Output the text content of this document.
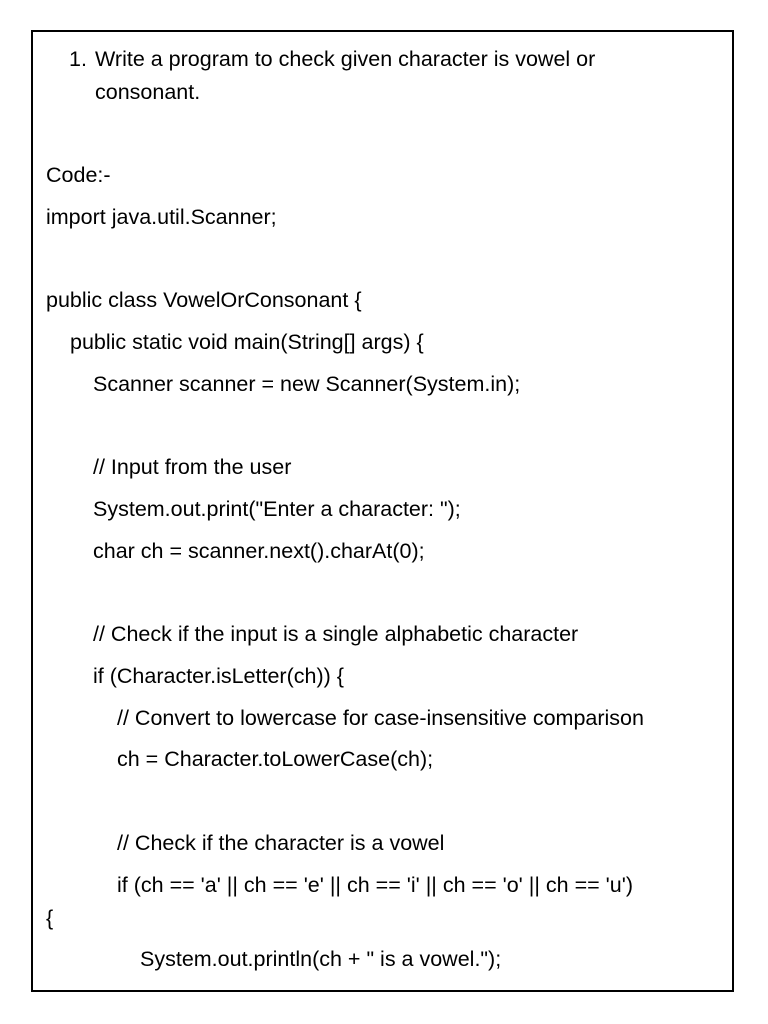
1. Write a program to check given character is vowel or
consonant.
Code:-
import java.util.Scanner;
public class VowelOrConsonant {
public static void main(String[] args) {
Scanner scanner = new Scanner(System.in);
// Input from the user
System.out.print("Enter a character: ");
char ch = scanner.next().charAt(0);
// Check if the input is a single alphabetic character
if (Character.isLetter(ch)) {
// Convert to lowercase for case-insensitive comparison
ch = Character.toLowerCase(ch);
// Check if the character is a vowel
if (ch == 'a' || ch == 'e' || ch == 'i' || ch == 'o' || ch == 'u')
{
System.out.println(ch + " is a vowel.");
